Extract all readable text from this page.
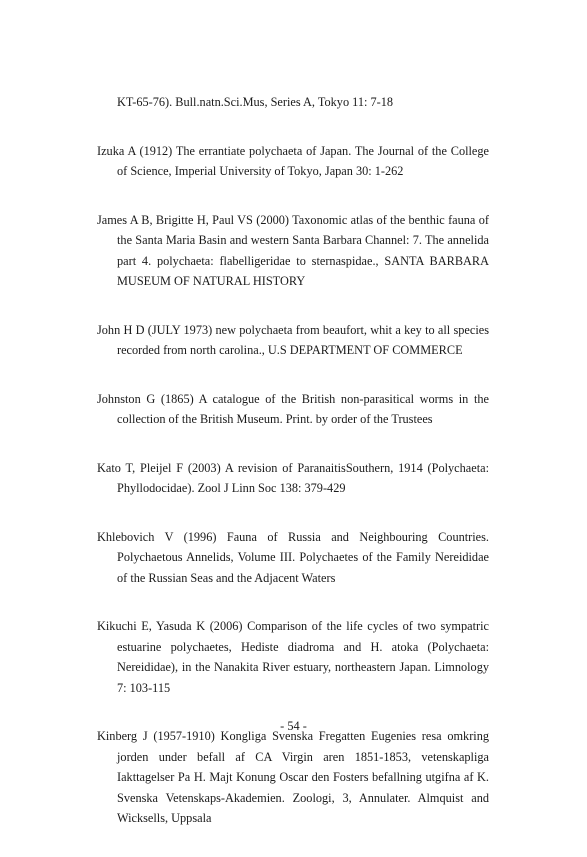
KT-65-76). Bull.natn.Sci.Mus, Series A, Tokyo 11: 7-18

Izuka A (1912) The errantiate polychaeta of Japan. The Journal of the College of Science, Imperial University of Tokyo, Japan 30: 1-262

James A B, Brigitte H, Paul VS (2000) Taxonomic atlas of the benthic fauna of the Santa Maria Basin and western Santa Barbara Channel: 7. The annelida part 4. polychaeta: flabelligeridae to sternaspidae., SANTA BARBARA MUSEUM OF NATURAL HISTORY

John H D (JULY 1973) new polychaeta from beaufort, whit a key to all species recorded from north carolina., U.S DEPARTMENT OF COMMERCE

Johnston G (1865) A catalogue of the British non-parasitical worms in the collection of the British Museum. Print. by order of the Trustees

Kato T, Pleijel F (2003) A revision of ParanaitisSouthern, 1914 (Polychaeta: Phyllodocidae). Zool J Linn Soc 138: 379-429

Khlebovich V (1996) Fauna of Russia and Neighbouring Countries. Polychaetous Annelids, Volume III. Polychaetes of the Family Nereididae of the Russian Seas and the Adjacent Waters

Kikuchi E, Yasuda K (2006) Comparison of the life cycles of two sympatric estuarine polychaetes, Hediste diadroma and H. atoka (Polychaeta: Nereididae), in the Nanakita River estuary, northeastern Japan. Limnology 7: 103-115

Kinberg J (1957-1910) Kongliga Svenska Fregatten Eugenies resa omkring jorden under befall af CA Virgin aren 1851-1853, vetenskapliga Iakttagelser Pa H. Majt Konung Oscar den Fosters befallning utgifna af K. Svenska Vetenskaps-Akademien. Zoologi, 3, Annulater. Almquist and Wicksells, Uppsala

- 54 -
